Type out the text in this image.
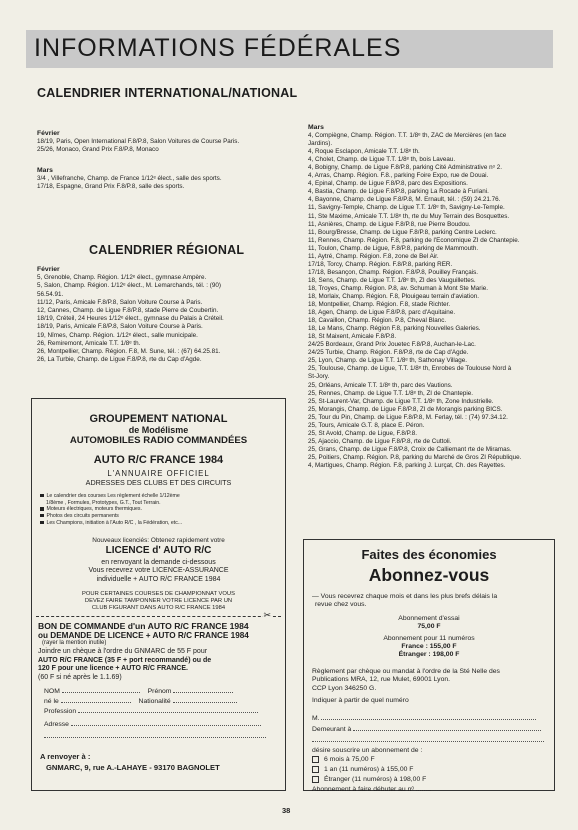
INFORMATIONS FÉDÉRALES
CALENDRIER INTERNATIONAL/NATIONAL
Février
18/19, Paris, Open International F.8/P.8, Salon Voitures de Course Paris.
25/26, Monaco, Grand Prix F.8/P.8, Monaco
Mars
3/4 , Villefranche, Champ. de France 1/12ᵉ élect., salle des sports.
17/18, Espagne, Grand Prix F.8/P.8, salle des sports.
CALENDRIER RÉGIONAL
Février
5, Grenoble, Champ. Région. 1/12ᵉ élect., gymnase Ampère.
5, Salon, Champ. Région. 1/12ᵉ élect., M. Lemarchands, tél. : (90)
56.54.91.
11/12, Paris, Amicale F.8/P.8, Salon Voiture Course à Paris.
12, Cannes, Champ. de Ligue F.8/P.8, stade Pierre de Coubertin.
18/19, Créteil, 24 Heures 1/12ᵉ élect., gymnase du Palais à Créteil.
18/19, Paris, Amicale F.8/P.8, Salon Voiture Course à Paris.
19, Nîmes, Champ. Région. 1/12ᵉ élect., salle municipale.
26, Remiremont, Amicale T.T. 1/8ᵉ th.
26, Montpellier, Champ. Région. F.8, M. Sune, tél. : (67) 64.25.81.
26, La Turbie, Champ. de Ligue F.8/P.8, rte du Cap d'Agde.
Mars
4, Compiègne, Champ. Région. T.T. 1/8ᵉ th, ZAC de Mercières (en face
Jardins).
4, Roque Esclapon, Amicale T.T. 1/8ᵉ th.
4, Cholet, Champ. de Ligue T.T. 1/8ᵉ th, bois Laveau.
4, Bobigny, Champ. de Ligue F.8/P.8, parking Cité Administrative nᵒ 2.
4, Arras, Champ. Région. F.8., parking Foire Expo, rue de Douai.
4, Epinal, Champ. de Ligue F.8/P.8, parc des Expositions.
4, Bastia, Champ. de Ligue F.8/P.8, parking La Rocade à Furiani.
4, Bayonne, Champ. de Ligue F.8/P.8, M. Ernault, tél. : (59) 24.21.76.
11, Savigny-Temple, Champ. de Ligue T.T. 1/8ᵉ th, Savigny-Le-Temple.
11, Ste Maxime, Amicale T.T. 1/8ᵉ th, rte du Muy Terrain des Bosquettes.
11, Asnières, Champ. de Ligue F.8/P.8, rue Pierre Boudou.
11, Bourg/Bresse, Champ. de Ligue F.8/P.8, parking Centre Leclerc.
11, Rennes, Champ. Région. F.8, parking de l'Economique ZI de Chantepie.
11, Toulon, Champ. de Ligue, F.8/P.8, parking de Mammouth.
11, Aytré, Champ. Région. F.8, zone de Bel Air.
17/18, Torcy, Champ. Région. F.8/P.8, parking RER.
17/18, Besançon, Champ. Région. F.8/P.8, Pouilley Français.
18, Sens, Champ. de Ligue T.T. 1/8ᵉ th, ZI des Vauguillettes.
18, Troyes, Champ. Région. P.8, av. Schuman à Mont Ste Marie.
18, Morlaix, Champ. Région. F.8, Plouigeau terrain d'aviation.
18, Montpellier, Champ. Région. F.8, stade Richter.
18, Agen, Champ. de Ligue F.8/P.8, parc d'Aquitaine.
18, Cavaillon, Champ. Région. P.8, Cheval Blanc.
18, Le Mans, Champ. Région F.8, parking Nouvelles Galeries.
18, St Maixent, Amicale F.8/P.8.
24/25 Bordeaux, Grand Prix Jouetec F.8/P.8, Auchan-le-Lac.
24/25 Turbie, Champ. Région. F.8/P.8, rte de Cap d'Agde.
25, Lyon, Champ. de Ligue T.T. 1/8ᵉ th, Sathonay Village.
25, Toulouse, Champ. de Ligue, T.T. 1/8ᵉ th, Enrobes de Toulouse Nord à
St-Jory.
25, Orléans, Amicale T.T. 1/8ᵉ th, parc des Vautions.
25, Rennes, Champ. de Ligue T.T. 1/8ᵉ th, ZI de Chantepie.
25, St-Laurent-Var, Champ. de Ligue T.T. 1/8ᵉ th, Zone Industrielle.
25, Morangis, Champ. de Ligue F.8/P.8, ZI de Morangis parking BICS.
25, Tour du Pin, Champ. de Ligue F.8/P.8, M. Ferlay, tél. : (74) 97.34.12.
25, Tours, Amicale G.T. 8, place E. Péron.
25, St Avold, Champ. de Ligue, F.8/P.8.
25, Ajaccio, Champ. de Ligue F.8/P.8, rte de Cuttoli.
25, Grans, Champ. de Ligue F.8/P.8, Croix de Calliemant rte de Miramas.
25, Poitiers, Champ. Région. P.8, parking du Marché de Gros ZI République.
4, Martigues, Champ. Région. F.8, parking J. Lurçat, Ch. des Rayettes.
GROUPEMENT NATIONAL
de Modélisme
AUTOMOBILES RADIO COMMANDÉES
AUTO R/C FRANCE 1984
L'ANNUAIRE OFFICIEL
ADRESSES DES CLUBS ET DES CIRCUITS
Le calendrier des courses Les règlement échelle 1/12ème
1/8ème , Formules, Prototypes, G.T., Tout Terrain.
Moteurs électriques, moteurs thermiques.
Photos des circuits permanents
Les Champions, initiation à l'Auto R/C , la Fédération, etc...
Nouveaux licenciés: Obtenez rapidement votre
LICENCE d' AUTO R/C
en renvoyant la demande ci-dessous
Vous recevrez votre LICENCE-ASSURANCE
individuelle + AUTO R/C FRANCE 1984
POUR CERTAINES COURSES DE CHAMPIONNAT VOUS
DEVEZ FAIRE TAMPONNER VOTRE LICENCE PAR UN
CLUB FIGURANT DANS AUTO R/C FRANCE 1984
✂
BON DE COMMANDE d'un AUTO R/C FRANCE 1984
ou DEMANDE DE LICENCE + AUTO R/C FRANCE 1984
(rayer la mention inutile)
Joindre un chèque à l'ordre du GNMARC de 55 F pour
AUTO R/C FRANCE (35 F + port recommandé) ou de
120 F pour une licence + AUTO R/C FRANCE.
(60 F si né après le 1.1.69)
NOM	Prénom
né le	Nationalité
Profession
Adresse
A renvoyer à :
GNMARC, 9, rue A.-LAHAYE - 93170 BAGNOLET
Faites des économies
Abonnez-vous
— Vous recevrez chaque mois et dans les plus brefs délais la
revue chez vous.
Abonnement d'essai
75,00 F
Abonnement pour 11 numéros
France : 155,00 F
Étranger : 198,00 F
Règlement par chèque ou mandat à l'ordre de la Sté Nelle des
Publications MRA, 12, rue Mulet, 69001 Lyon.
CCP Lyon 346250 G.
Indiquer à partir de quel numéro
M.
Demeurant à
désire souscrire un abonnement de :
6 mois à 75,00 F
1 an (11 numéros) à 155,00 F
Étranger (11 numéros) à 198,00 F
Abonnement à faire débuter au nᵒ ........
38
